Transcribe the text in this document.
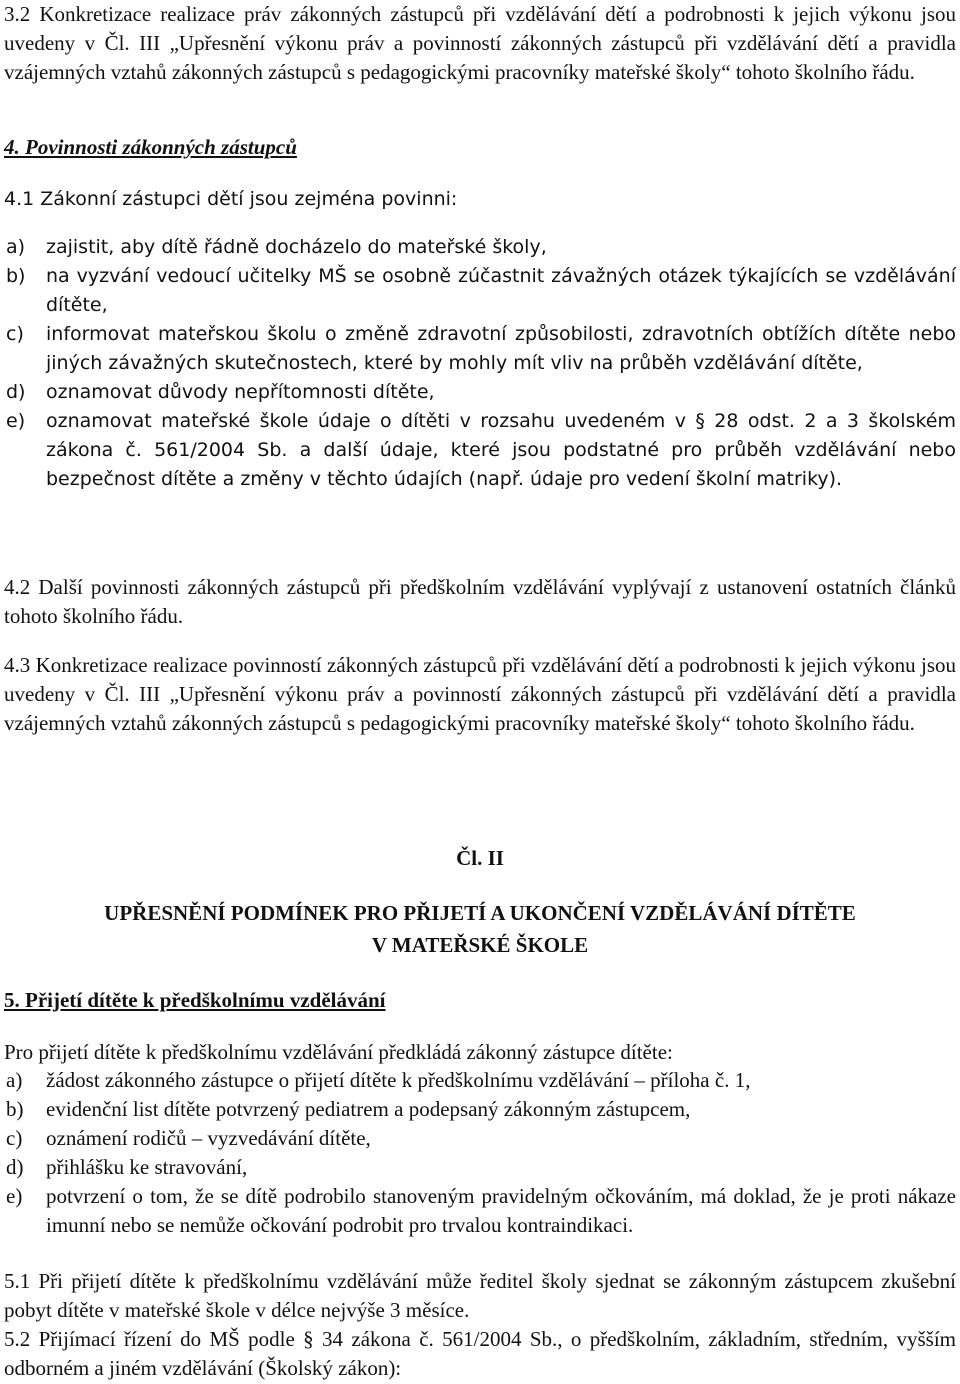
3.2 Konkretizace realizace práv zákonných zástupců při vzdělávání dětí a podrobnosti k jejich výkonu jsou uvedeny v Čl. III „Upřesnění výkonu práv a povinností zákonných zástupců při vzdělávání dětí a pravidla vzájemných vztahů zákonných zástupců s pedagogickými pracovníky mateřské školy“ tohoto školního řádu.
4. Povinnosti zákonných zástupců
4.1 Zákonní zástupci dětí jsou zejména povinni:
a)	zajistit, aby dítě řádně docházelo do mateřské školy,
b)	na vyzvání vedoucí učitelky MŠ se osobně zúčastnit závažných otázek týkajících se vzdělávání dítěte,
c)	informovat mateřskou školu o změně zdravotní způsobilosti, zdravotních obtížích dítěte nebo jiných závažných skutečnostech, které by mohly mít vliv na průběh vzdělávání dítěte,
d)	oznamovat důvody nepřítomnosti dítěte,
e)	oznamovat mateřské škole údaje o dítěti v rozsahu uvedeném v § 28 odst. 2 a 3 školském zákona č. 561/2004 Sb. a další údaje, které jsou podstatné pro průběh vzdělávání nebo bezpečnost dítěte a změny v těchto údajích (např. údaje pro vedení školní matriky).
4.2 Další povinnosti zákonných zástupců při předškolním vzdělávání vyplývají z ustanovení ostatních článků tohoto školního řádu.
4.3 Konkretizace realizace povinností zákonných zástupců při vzdělávání dětí a podrobnosti k jejich výkonu jsou uvedeny v Čl. III „Upřesnění výkonu práv a povinností zákonných zástupců při vzdělávání dětí a pravidla vzájemných vztahů zákonných zástupců s pedagogickými pracovníky mateřské školy“ tohoto školního řádu.
Čl. II
UPŘESNĚNÍ PODMÍNEK PRO PŘIJETÍ A UKONČENÍ VZDĚLÁVÁNÍ DÍTĚTE
V MATEŘSKÉ ŠKOLE
5. Přijetí dítěte k předškolnímu vzdělávání
Pro přijetí dítěte k předškolnímu vzdělávání předkládá zákonný zástupce dítěte:
a)	žádost zákonného zástupce o přijetí dítěte k předškolnímu vzdělávání – příloha č. 1,
b)	evidenční list dítěte potvrzený pediatrem a podepsaný zákonným zástupcem,
c)	oznámení rodičů – vyzvedávání dítěte,
d)	přihlášku ke stravování,
e)	potvrzení o tom, že se dítě podrobilo stanoveným pravidelným očkováním, má doklad, že je proti nákaze imunní nebo se nemůže očkování podrobit pro trvalou kontraindikaci.
5.1 Při přijetí dítěte k předškolnímu vzdělávání může ředitel školy sjednat se zákonným zástupcem zkušební pobyt dítěte v mateřské škole v délce nejvýše 3 měsíce.
5.2 Přijímací řízení do MŠ podle § 34 zákona č. 561/2004 Sb., o předškolním, základním, středním, vyšším odborném a jiném vzdělávání (Školský zákon):
